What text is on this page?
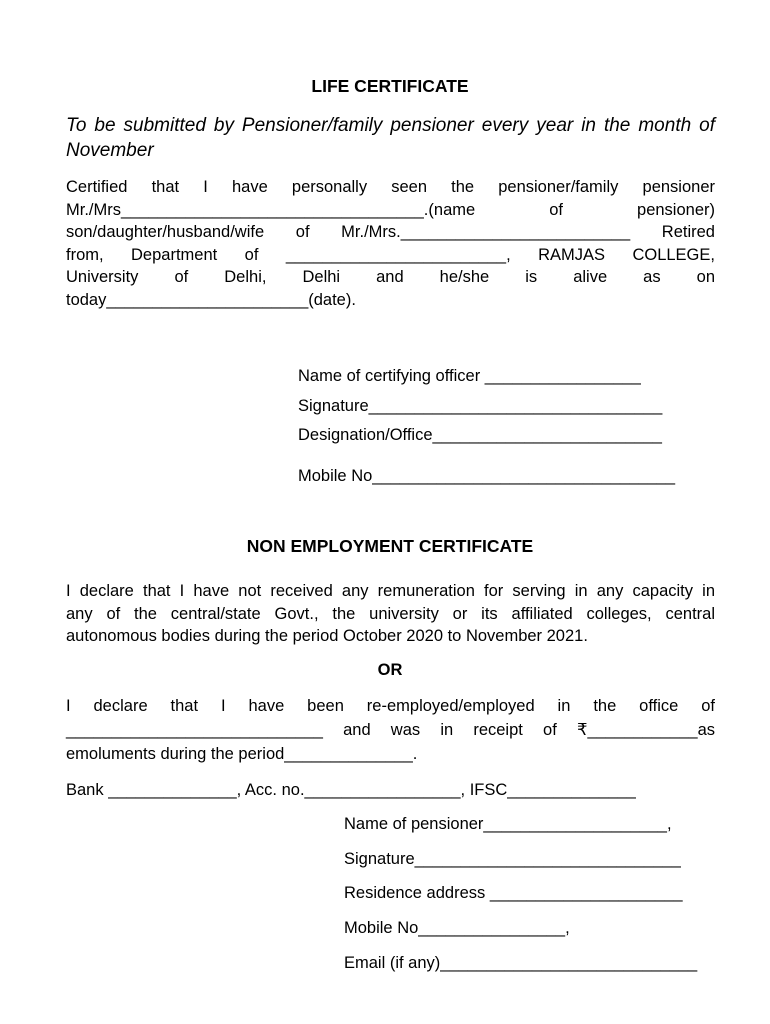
LIFE CERTIFICATE
To be submitted by Pensioner/family pensioner every year in the month of November
Certified that I have personally seen the pensioner/family pensioner
Mr./Mrs_________________________________.(name of pensioner)
son/daughter/husband/wife of Mr./Mrs._________________________ Retired
from, Department of ________________________, RAMJAS COLLEGE,
University of Delhi, Delhi and he/she is alive as on
today______________________(date).
Name of certifying officer _________________
Signature________________________________
Designation/Office_________________________
Mobile No_________________________________
NON EMPLOYMENT CERTIFICATE
I declare that I have not received any remuneration for serving in any capacity in
any of the central/state Govt., the university or its affiliated colleges, central
autonomous bodies during the period October 2020 to November 2021.
OR
I declare that I have been re-employed/employed in the office of
____________________________ and was in receipt of ₹____________as
emoluments during the period______________.
Bank ______________, Acc. no._________________, IFSC______________
Name of pensioner____________________,
Signature_____________________________
Residence address _____________________
Mobile No________________,
Email (if any)____________________________
